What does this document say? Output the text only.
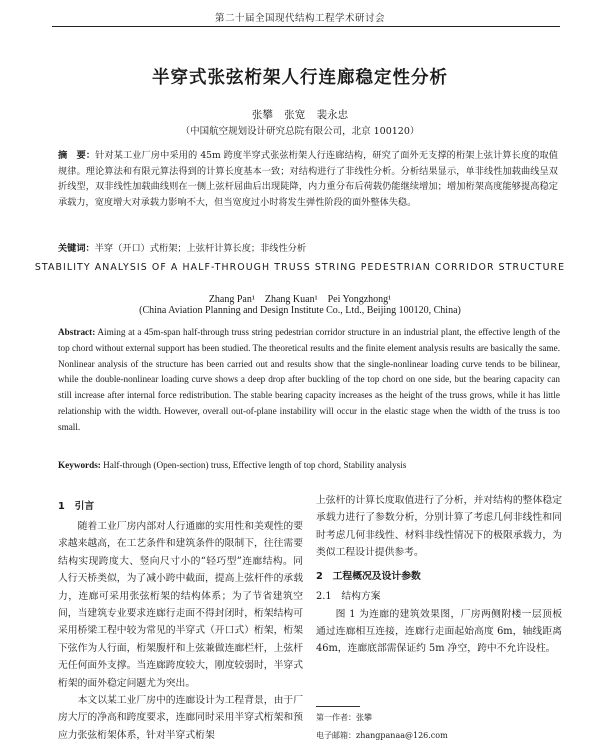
第二十届全国现代结构工程学术研讨会
半穿式张弦桁架人行连廊稳定性分析
张攀 张宽 裴永忠
（中国航空规划设计研究总院有限公司，北京 100120）
摘　要：针对某工业厂房中采用的 45m 跨度半穿式张弦桁架人行连廊结构，研究了面外无支撑的桁架上弦计算长度的取值规律。理论算法和有限元算法得到的计算长度基本一致；对结构进行了非线性分析。分析结果显示，单非线性加载曲线呈双折线型，双非线性加载曲线则在一侧上弦杆屈曲后出现陡降，内力重分布后荷载仍能继续增加；增加桁架高度能够提高稳定承载力，宽度增大对承载力影响不大，但当宽度过小时将发生弹性阶段的面外整体失稳。
关键词：半穿（开口）式桁架；上弦杆计算长度；非线性分析
STABILITY ANALYSIS OF A HALF-THROUGH TRUSS STRING PEDESTRIAN CORRIDOR STRUCTURE
Zhang Pan¹　Zhang Kuan¹　Pei Yongzhong¹
(China Aviation Planning and Design Institute Co., Ltd., Beijing 100120, China)
Abstract: Aiming at a 45m-span half-through truss string pedestrian corridor structure in an industrial plant, the effective length of the top chord without external support has been studied. The theoretical results and the finite element analysis results are basically the same. Nonlinear analysis of the structure has been carried out and results show that the single-nonlinear loading curve tends to be bilinear, while the double-nonlinear loading curve shows a deep drop after buckling of the top chord on one side, but the bearing capacity can still increase after internal force redistribution. The stable bearing capacity increases as the height of the truss grows, while it has little relationship with the width. However, overall out-of-plane instability will occur in the elastic stage when the width of the truss is too small.
Keywords: Half-through (Open-section) truss, Effective length of top chord, Stability analysis
1　引言

随着工业厂房内部对人行通廊的实用性和美观性的要求越来越高，在工艺条件和建筑条件的限制下，往往需要结构实现跨度大、竖向尺寸小的“轻巧型”连廊结构。同人行天桥类似，为了减小跨中截面，提高上弦杆件的承载力，连廊可采用张弦桁架的结构体系；为了节省建筑空间，当建筑专业要求连廊行走面不得封闭时，桁架结构可采用桥梁工程中较为常见的半穿式（开口式）桁架，桁架下弦作为人行面，桁架腹杆和上弦兼做连廊栏杆，上弦杆无任何面外支撑。当连廊跨度较大，刚度较弱时，半穿式桁架的面外稳定问题尤为突出。

本文以某工业厂房中的连廊设计为工程背景，由于厂房大厅的净高和跨度要求，连廊同时采用半穿式桁架和预应力张弦桁架体系，针对半穿式桁架

上弦杆的计算长度取值进行了分析，并对结构的整体稳定承载力进行了参数分析，分别计算了考虑几何非线性和同时考虑几何非线性、材料非线性情况下的极限承载力，为类似工程设计提供参考。

2　工程概况及设计参数
2.1　结构方案

图 1 为连廊的建筑效果图，厂房两侧附楼一层顶板通过连廊相互连接，连廊行走面起始高度 6m，轴线距离 46m，连廊底部需保证约 5m 净空，跨中不允许设柱。

第一作者：张攀
电子邮箱：zhangpanaa@126.com
